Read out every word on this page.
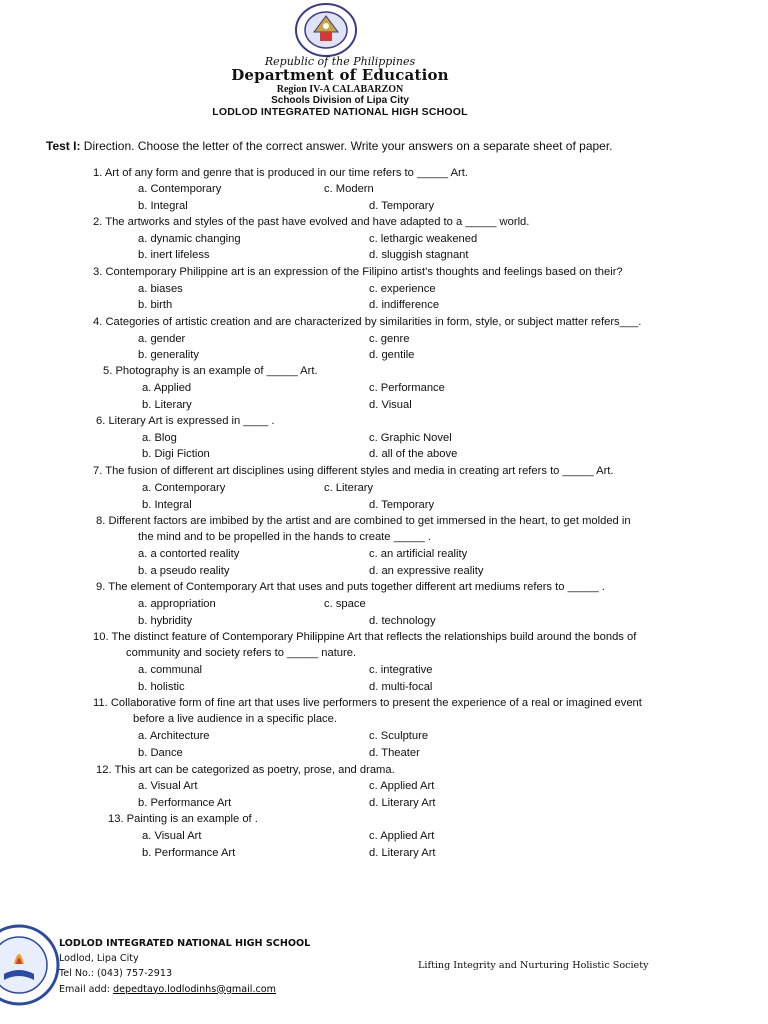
Republic of the Philippines
Department of Education
Region IV-A CALABARZON
Schools Division of Lipa City
LODLOD INTEGRATED NATIONAL HIGH SCHOOL
Test I: Direction. Choose the letter of the correct answer. Write your answers on a separate sheet of paper.
1. Art of any form and genre that is produced in our time refers to _____ Art.
a. Contemporary	c. Modern
b. Integral	d. Temporary
2. The artworks and styles of the past have evolved and have adapted to a _____ world.
a. dynamic changing	c. lethargic weakened
b. inert lifeless	d. sluggish stagnant
3. Contemporary Philippine art is an expression of the Filipino artist’s thoughts and feelings based on their?
a. biases	c. experience
b. birth	d. indifference
4. Categories of artistic creation and are characterized by similarities in form, style, or subject matter refers___.
a. gender	c. genre
b. generality	d. gentile
5. Photography is an example of _____ Art.
a. Applied	c. Performance
b. Literary	d. Visual
6. Literary Art is expressed in ____ .
a. Blog	c. Graphic Novel
b. Digi Fiction	d. all of the above
7. The fusion of different art disciplines using different styles and media in creating art refers to _____ Art.
a. Contemporary	c. Literary
b. Integral	d. Temporary
8. Different factors are imbibed by the artist and are combined to get immersed in the heart, to get molded in
the mind and to be propelled in the hands to create _____ .
a. a contorted reality	c. an artificial reality
b. a pseudo reality	d. an expressive reality
9. The element of Contemporary Art that uses and puts together different art mediums refers to _____ .
a. appropriation	c. space
b. hybridity	d. technology
10. The distinct feature of Contemporary Philippine Art that reflects the relationships build around the bonds of
community and society refers to _____ nature.
a. communal	c. integrative
b. holistic	d. multi-focal
11. Collaborative form of fine art that uses live performers to present the experience of a real or imagined event
before a live audience in a specific place.
a. Architecture	c. Sculpture
b. Dance	d. Theater
12. This art can be categorized as poetry, prose, and drama.
a. Visual Art	c. Applied Art
b. Performance Art	d. Literary Art
13. Painting is an example of .
a. Visual Art	c. Applied Art
b. Performance Art	d. Literary Art
LODLOD INTEGRATED NATIONAL HIGH SCHOOL
Lodlod, Lipa City
Tel No.: (043) 757-2913
Email add: depedtayo.lodlodinhs@gmail.com
Lifting Integrity and Nurturing Holistic Society
